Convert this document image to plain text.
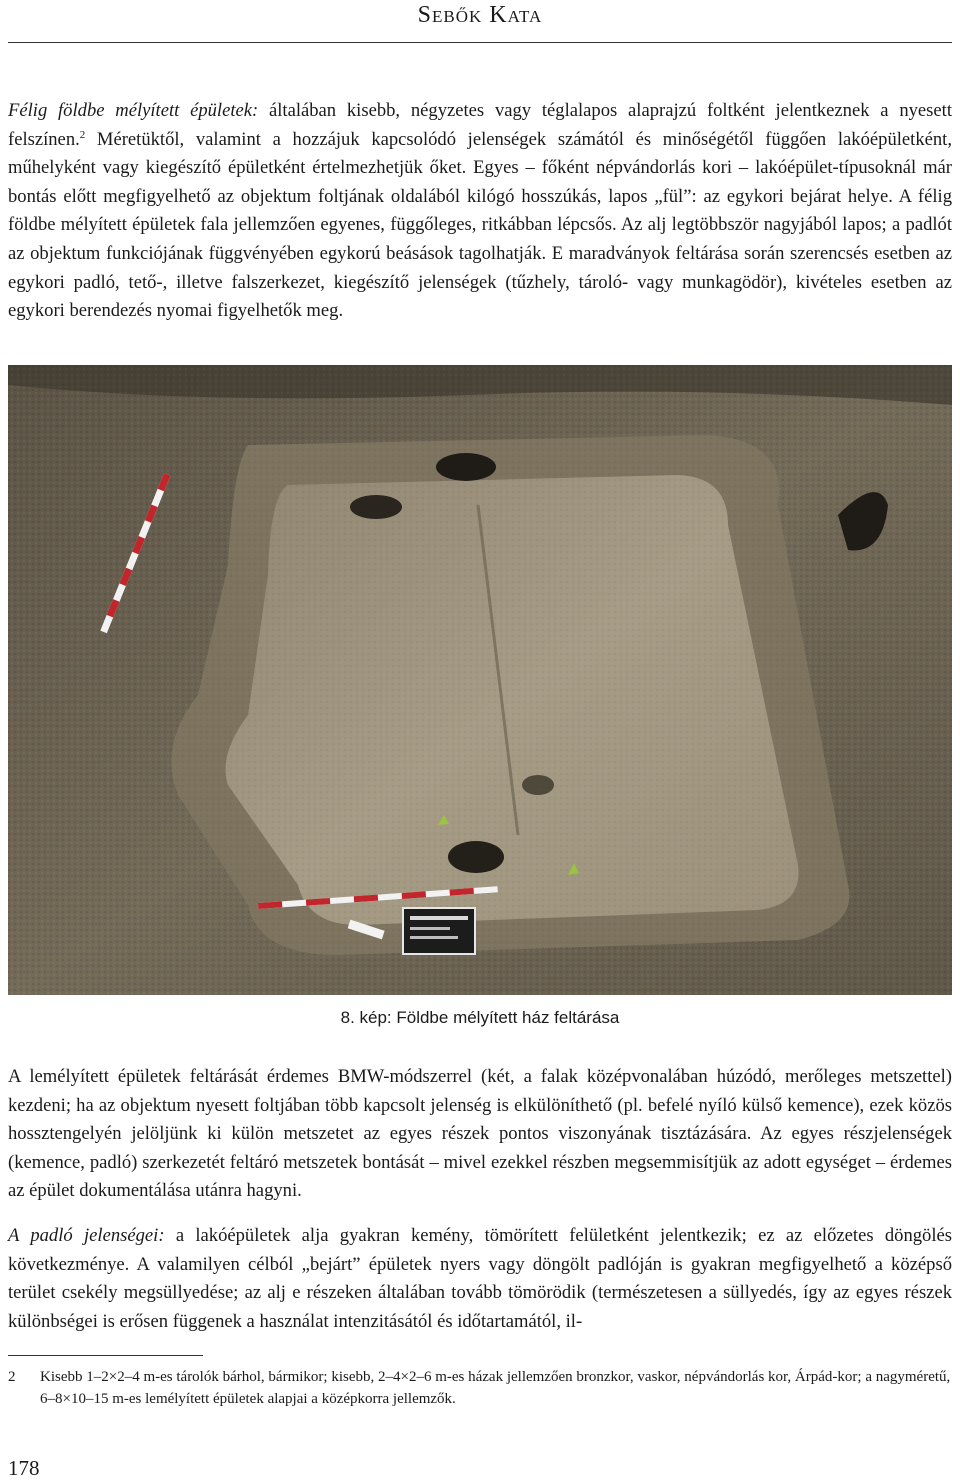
Sebők Kata

Félig földbe mélyített épületek: általában kisebb, négyzetes vagy téglalapos alaprajzú foltként jelentkeznek a nyesett felszínen.$^2$ Méretüktől, valamint a hozzájuk kapcsolódó jelenségek számától és minőségétől függően lakóépületként, műhelyként vagy kiegészítő épületként értelmezhetjük őket. Egyes – főként népvándorlás kori – lakóépület-típusoknál már bontás előtt megfigyelhető az objektum foltjának oldalából kilógó hosszúkás, lapos „fül”: az egykori bejárat helye. A félig földbe mélyített épületek fala jellemzően egyenes, függőleges, ritkábban lépcsős. Az alj legtöbbször nagyjából lapos; a padlót az objektum funkciójának függvényében egykorú beásások tagolhatják. E maradványok feltárása során szerencsés esetben az egykori padló, tető-, illetve falszerkezet, kiegészítő jelenségek (tűzhely, tároló- vagy munkagödör), kivételes esetben az egykori berendezés nyomai figyelhetők meg.

8. kép: Földbe mélyített ház feltárása

A lemélyített épületek feltárását érdemes BMW-módszerrel (két, a falak középvonalában húzódó, merőleges metszettel) kezdeni; ha az objektum nyesett foltjában több kapcsolt jelenség is elkülöníthető (pl. befelé nyíló külső kemence), ezek közös hossztengelyén jelöljünk ki külön metszetet az egyes részek pontos viszonyának tisztázására. Az egyes részjelenségek (kemence, padló) szerkezetét feltáró metszetek bontását – mivel ezekkel részben megsemmisítjük az adott egységet – érdemes az épület dokumentálása utánra hagyni.

A padló jelenségei: a lakóépületek alja gyakran kemény, tömörített felületként jelentkezik; ez az előzetes döngölés következménye. A valamilyen célból „bejárt” épületek nyers vagy döngölt padlóján is gyakran megfigyelhető a középső terület csekély megsüllyedése; az alj e részeken általában tovább tömörödik (természetesen a süllyedés, így az egyes részek különbségei is erősen függenek a használat intenzitásától és időtartamától, il-

2 Kisebb 1–2×2–4 m-es tárolók bárhol, bármikor; kisebb, 2–4×2–6 m-es házak jellemzően bronzkor, vaskor, népvándorlás kor, Árpád-kor; a nagyméretű, 6–8×10–15 m-es lemélyített épületek alapjai a középkorra jellemzők.
178
